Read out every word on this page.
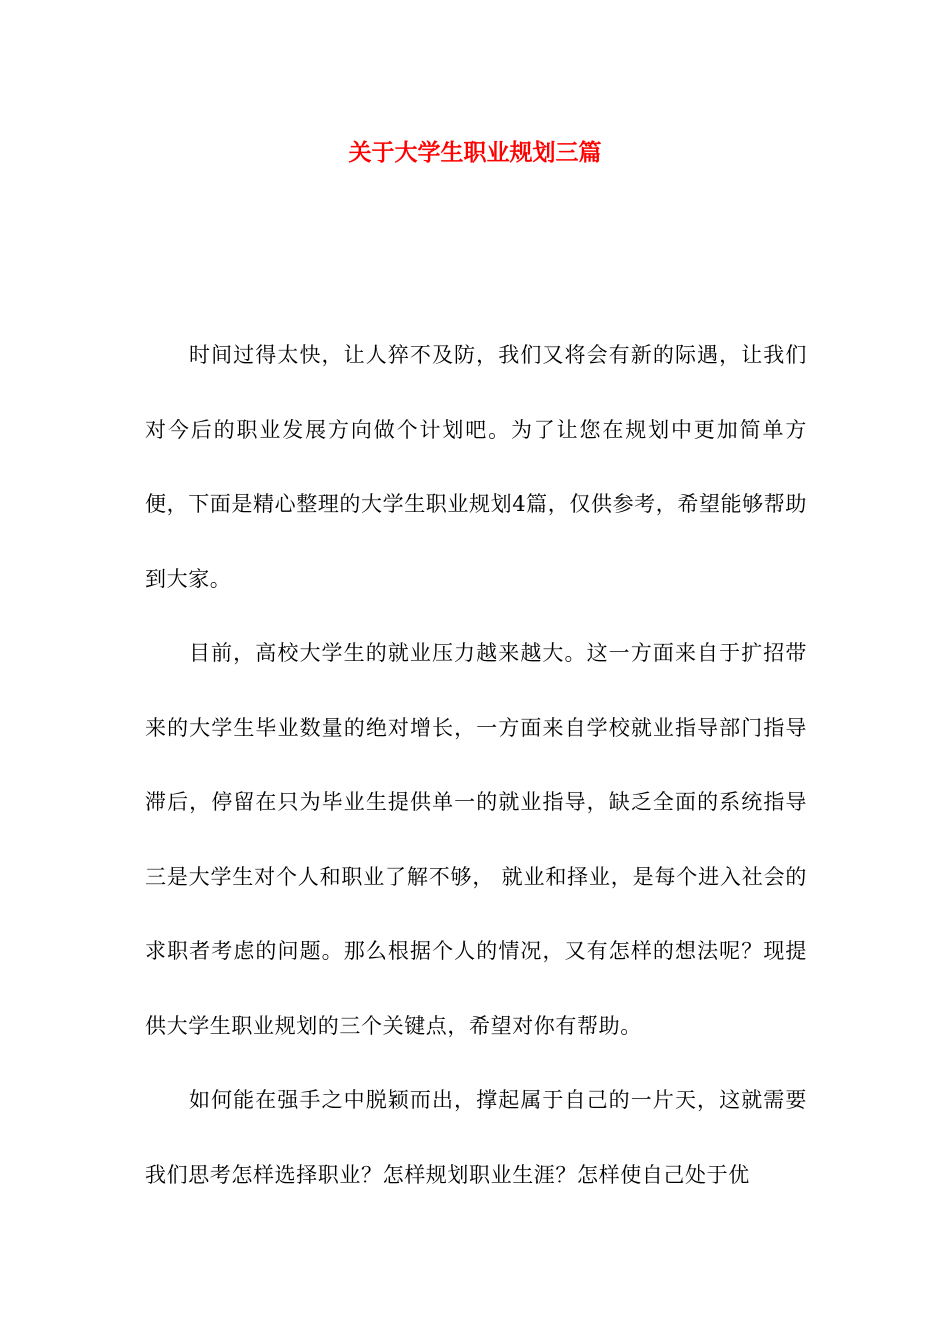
关于大学生职业规划三篇

时间过得太快，让人猝不及防，我们又将会有新的际遇，让我们对今后的职业发展方向做个计划吧。为了让您在规划中更加简单方便，下面是精心整理的大学生职业规划4篇，仅供参考，希望能够帮助到大家。

目前，高校大学生的就业压力越来越大。这一方面来自于扩招带来的大学生毕业数量的绝对增长，一方面来自学校就业指导部门指导滞后，停留在只为毕业生提供单一的就业指导，缺乏全面的系统指导三是大学生对个人和职业了解不够， 就业和择业，是每个进入社会的求职者考虑的问题。那么根据个人的情况，又有怎样的想法呢？现提供大学生职业规划的三个关键点，希望对你有帮助。

如何能在强手之中脱颖而出，撑起属于自己的一片天，这就需要我们思考怎样选择职业？怎样规划职业生涯？怎样使自己处于优
